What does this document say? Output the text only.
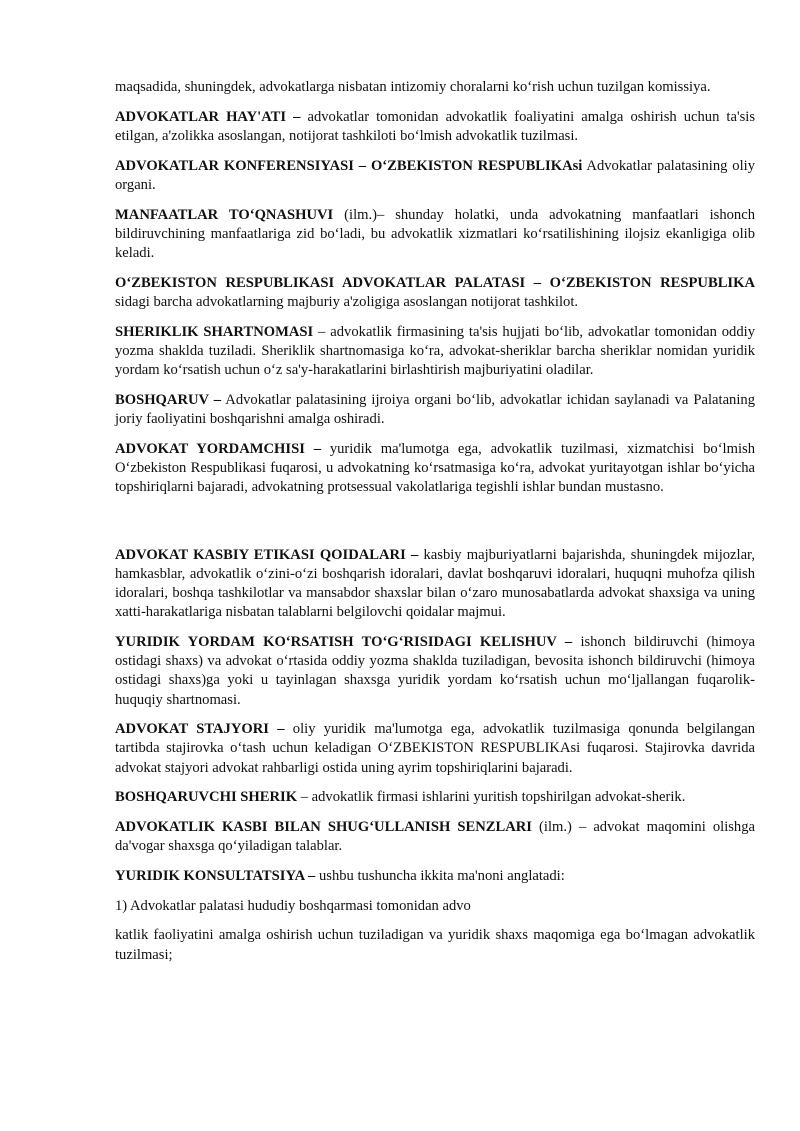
maqsadida, shuningdek, advokatlarga nisbatan intizomiy choralarni koʻrish uchun tuzilgan komissiya.

ADVOKATLAR HAY'ATI – advokatlar tomonidan advokatlik foaliyatini amalga oshirish uchun ta'sis etilgan, a'zolikka asoslangan, notijorat tashkiloti boʻlmish advokatlik tuzilmasi.

ADVOKATLAR KONFERENSIYASI – OʻZBEKISTON RESPUBLIKAsi Advokatlar palatasining oliy organi.

MANFAATLAR TOʻQNASHUVI (ilm.)– shunday holatki, unda advokatning manfaatlari ishonch bildiruvchining manfaatlariga zid boʻladi, bu advokatlik xizmatlari koʻrsatilishining ilojsiz ekanligiga olib keladi.

OʻZBEKISTON RESPUBLIKASI ADVOKATLAR PALATASI – OʻZBEKISTON RESPUBLIKA sidagi barcha advokatlarning majburiy a'zoligiga asoslangan notijorat tashkilot.

SHERIKLIK SHARTNOMASI – advokatlik firmasining ta'sis hujjati boʻlib, advokatlar tomonidan oddiy yozma shaklda tuziladi. Sheriklik shartnomasiga koʻra, advokat-sheriklar barcha sheriklar nomidan yuridik yordam koʻrsatish uchun oʻz sa'y-harakatlarini birlashtirish majburiyatini oladilar.

BOSHQARUV – Advokatlar palatasining ijroiya organi boʻlib, advokatlar ichidan saylanadi va Palataning joriy faoliyatini boshqarishni amalga oshiradi.

ADVOKAT YORDAMCHISI – yuridik ma'lumotga ega, advokatlik tuzilmasi, xizmatchisi boʻlmish Oʻzbekiston Respublikasi fuqarosi, u advokatning koʻrsatmasiga koʻra, advokat yuritayotgan ishlar boʻyicha topshiriqlarni bajaradi, advokatning protsessual vakolatlariga tegishli ishlar bundan mustasno.

ADVOKAT KASBIY ETIKASI QOIDALARI – kasbiy majburiyatlarni bajarishda, shuningdek mijozlar, hamkasblar, advokatlik oʻzini-oʻzi boshqarish idoralari, davlat boshqaruvi idoralari, huquqni muhofza qilish idoralari, boshqa tashkilotlar va mansabdor shaxslar bilan oʻzaro munosabatlarda advokat shaxsiga va uning xatti-harakatlariga nisbatan talablarni belgilovchi qoidalar majmui.

YURIDIK YORDAM KOʻRSATISH TOʻGʻRISIDAGI KELISHUV – ishonch bildiruvchi (himoya ostidagi shaxs) va advokat oʻrtasida oddiy yozma shaklda tuziladigan, bevosita ishonch bildiruvchi (himoya ostidagi shaxs)ga yoki u tayinlagan shaxsga yuridik yordam koʻrsatish uchun moʻljallangan fuqarolik-huquqiy shartnomasi.

ADVOKAT STAJYORI – oliy yuridik ma'lumotga ega, advokatlik tuzilmasiga qonunda belgilangan tartibda stajirovka oʻtash uchun keladigan OʻZBEKISTON RESPUBLIKAsi fuqarosi. Stajirovka davrida advokat stajyori advokat rahbarligi ostida uning ayrim topshiriqlarini bajaradi.

BOSHQARUVCHI SHERIK – advokatlik firmasi ishlarini yuritish topshirilgan advokat-sherik.

ADVOKATLIK KASBI BILAN SHUGʻULLANISH SENZLARI (ilm.) – advokat maqomini olishga da'vogar shaxsga qoʻyiladigan talablar.

YURIDIK KONSULTATSIYA – ushbu tushuncha ikkita ma'noni anglatadi:

1) Advokatlar palatasi hududiy boshqarmasi tomonidan advo

katlik faoliyatini amalga oshirish uchun tuziladigan va yuridik shaxs maqomiga ega boʻlmagan advokatlik tuzilmasi;
